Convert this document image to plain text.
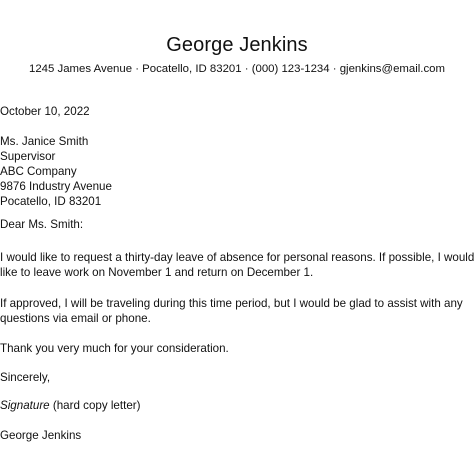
George Jenkins
1245 James Avenue · Pocatello, ID 83201 · (000) 123-1234 · gjenkins@email.com
October 10, 2022
Ms. Janice Smith
Supervisor
ABC Company
9876 Industry Avenue
Pocatello, ID 83201
Dear Ms. Smith:
I would like to request a thirty-day leave of absence for personal reasons. If possible, I would
like to leave work on November 1 and return on December 1.
If approved, I will be traveling during this time period, but I would be glad to assist with any
questions via email or phone.
Thank you very much for your consideration.
Sincerely,
Signature (hard copy letter)
George Jenkins
